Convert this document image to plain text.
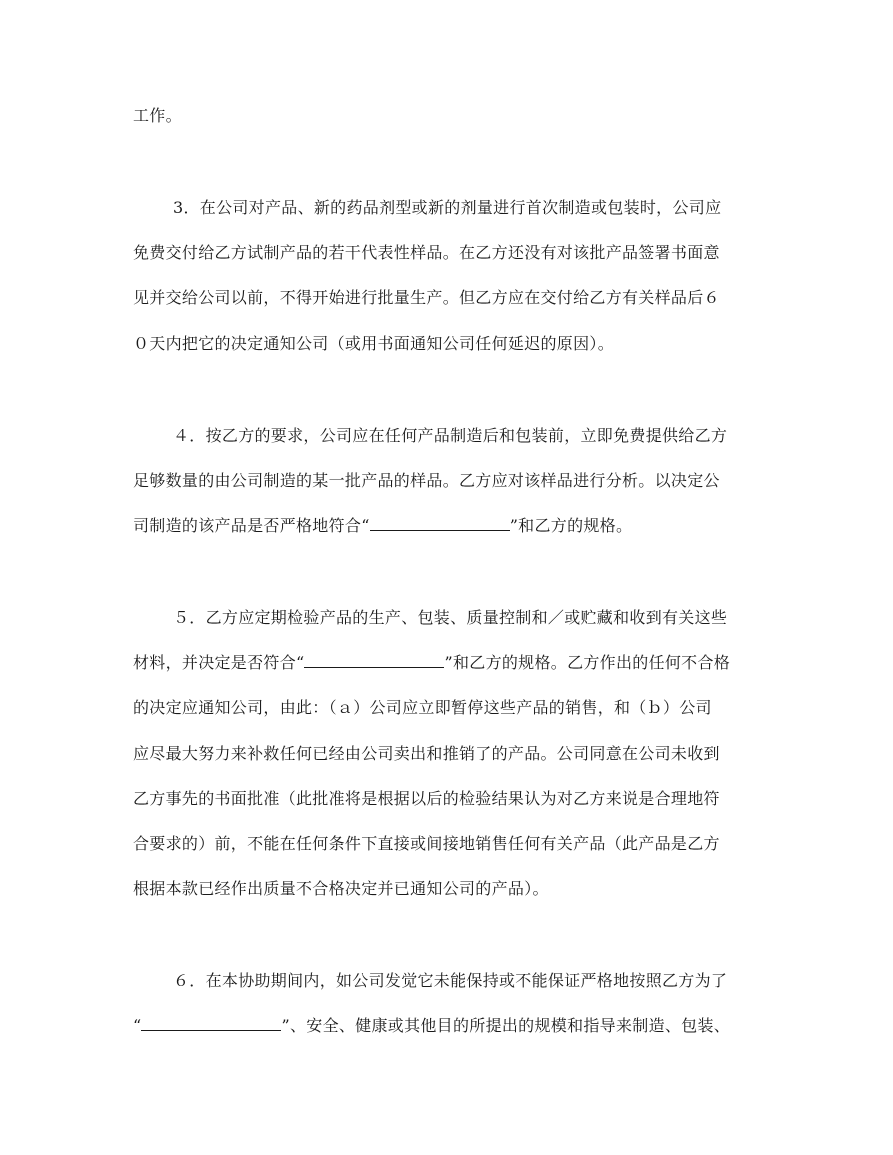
工作。
3．在公司对产品、新的药品剂型或新的剂量进行首次制造或包装时，公司应
免费交付给乙方试制产品的若干代表性样品。在乙方还没有对该批产品签署书面意
见并交给公司以前，不得开始进行批量生产。但乙方应在交付给乙方有关样品后６
０天内把它的决定通知公司（或用书面通知公司任何延迟的原因）。
４．按乙方的要求，公司应在任何产品制造后和包装前，立即免费提供给乙方
足够数量的由公司制造的某一批产品的样品。乙方应对该样品进行分析。以决定公
司制造的该产品是否严格地符合“	”和乙方的规格。
５．乙方应定期检验产品的生产、包装、质量控制和／或贮藏和收到有关这些
材料，并决定是否符合“	”和乙方的规格。乙方作出的任何不合格
的决定应通知公司，由此：（ａ）公司应立即暂停这些产品的销售，和（ｂ）公司
应尽最大努力来补救任何已经由公司卖出和推销了的产品。公司同意在公司未收到
乙方事先的书面批准（此批准将是根据以后的检验结果认为对乙方来说是合理地符
合要求的）前，不能在任何条件下直接或间接地销售任何有关产品（此产品是乙方
根据本款已经作出质量不合格决定并已通知公司的产品）。
６．在本协助期间内，如公司发觉它未能保持或不能保证严格地按照乙方为了
“	”、安全、健康或其他目的所提出的规模和指导来制造、包装、
